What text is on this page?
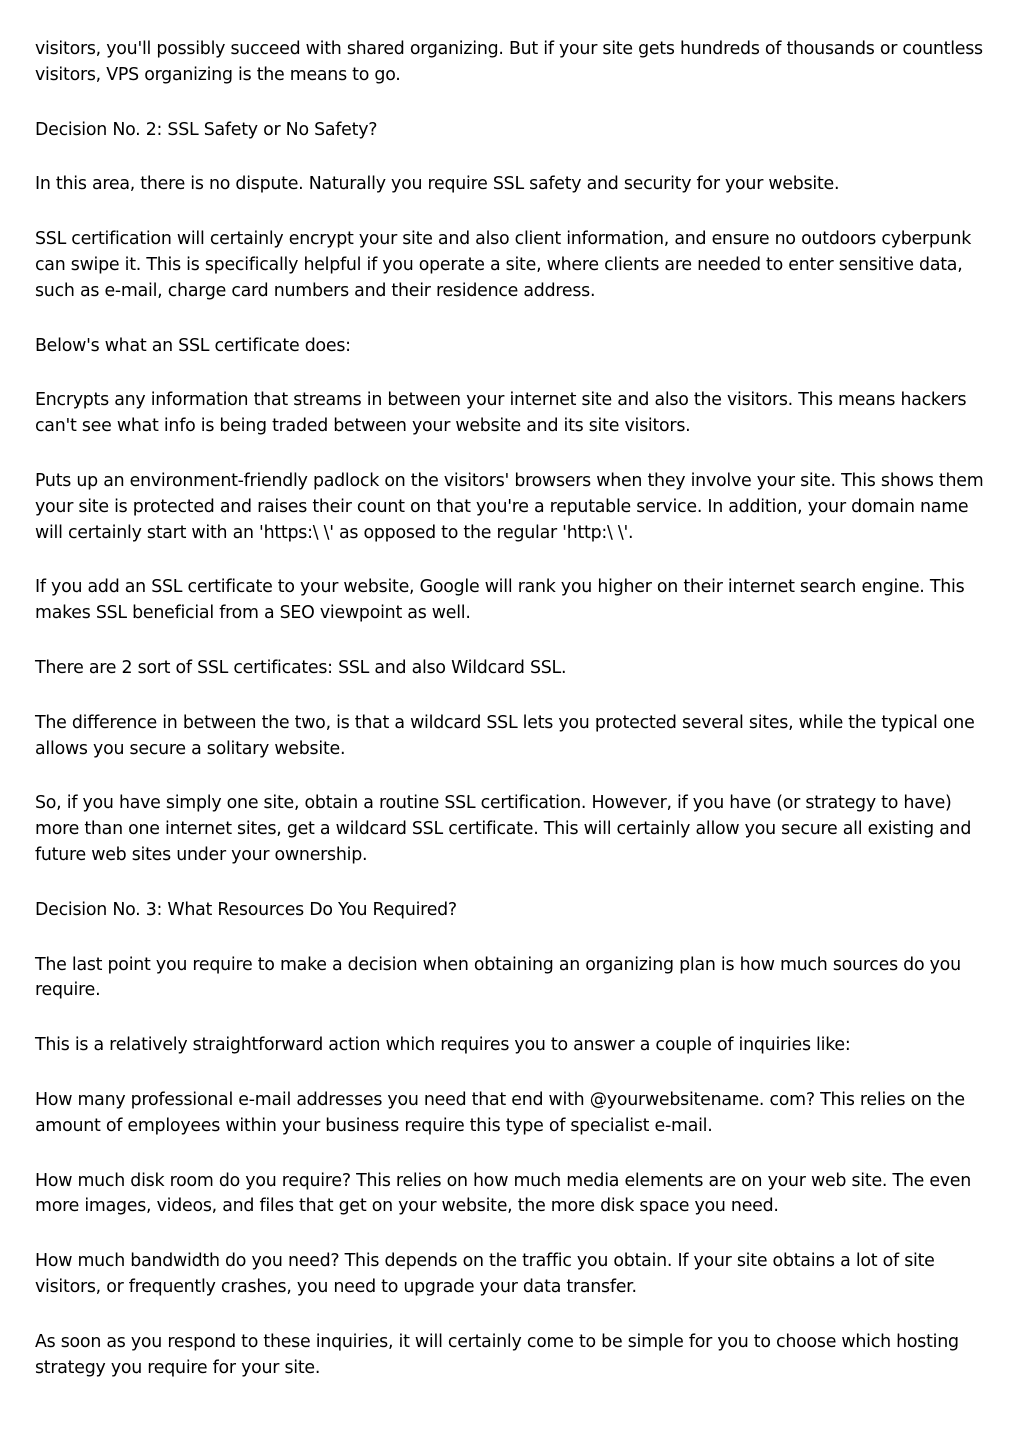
visitors, you'll possibly succeed with shared organizing. But if your site gets hundreds of thousands or countless visitors, VPS organizing is the means to go.

Decision No. 2: SSL Safety or No Safety?

In this area, there is no dispute. Naturally you require SSL safety and security for your website.

SSL certification will certainly encrypt your site and also client information, and ensure no outdoors cyberpunk can swipe it. This is specifically helpful if you operate a site, where clients are needed to enter sensitive data, such as e-mail, charge card numbers and their residence address.

Below's what an SSL certificate does:

Encrypts any information that streams in between your internet site and also the visitors. This means hackers can't see what info is being traded between your website and its site visitors.

Puts up an environment-friendly padlock on the visitors' browsers when they involve your site. This shows them your site is protected and raises their count on that you're a reputable service. In addition, your domain name will certainly start with an 'https:\ \' as opposed to the regular 'http:\ \'.

If you add an SSL certificate to your website, Google will rank you higher on their internet search engine. This makes SSL beneficial from a SEO viewpoint as well.

There are 2 sort of SSL certificates: SSL and also Wildcard SSL.

The difference in between the two, is that a wildcard SSL lets you protected several sites, while the typical one allows you secure a solitary website.

So, if you have simply one site, obtain a routine SSL certification. However, if you have (or strategy to have) more than one internet sites, get a wildcard SSL certificate. This will certainly allow you secure all existing and future web sites under your ownership.

Decision No. 3: What Resources Do You Required?

The last point you require to make a decision when obtaining an organizing plan is how much sources do you require.

This is a relatively straightforward action which requires you to answer a couple of inquiries like:

How many professional e-mail addresses you need that end with @yourwebsitename. com? This relies on the amount of employees within your business require this type of specialist e-mail.

How much disk room do you require? This relies on how much media elements are on your web site. The even more images, videos, and files that get on your website, the more disk space you need.

How much bandwidth do you need? This depends on the traffic you obtain. If your site obtains a lot of site visitors, or frequently crashes, you need to upgrade your data transfer.

As soon as you respond to these inquiries, it will certainly come to be simple for you to choose which hosting strategy you require for your site.
